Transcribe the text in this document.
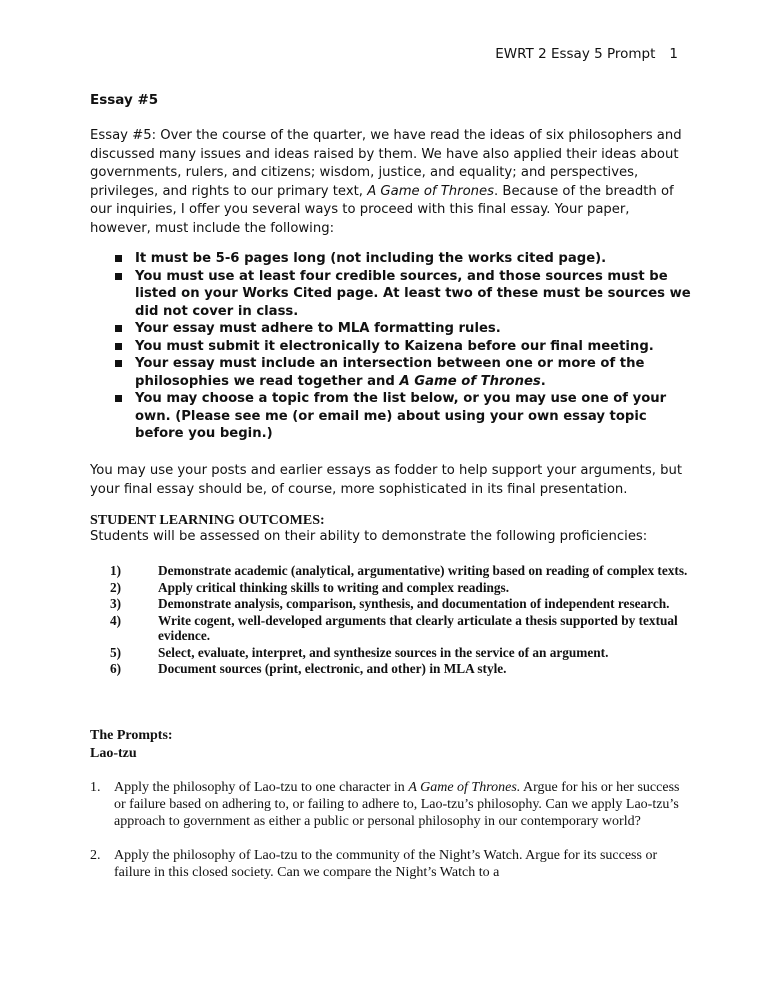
EWRT 2 Essay 5 Prompt 1
Essay #5
Essay #5: Over the course of the quarter, we have read the ideas of six philosophers and discussed many issues and ideas raised by them. We have also applied their ideas about governments, rulers, and citizens; wisdom, justice, and equality; and perspectives, privileges, and rights to our primary text, A Game of Thrones. Because of the breadth of our inquiries, I offer you several ways to proceed with this final essay. Your paper, however, must include the following:
It must be 5-6 pages long (not including the works cited page).
You must use at least four credible sources, and those sources must be listed on your Works Cited page. At least two of these must be sources we did not cover in class.
Your essay must adhere to MLA formatting rules.
You must submit it electronically to Kaizena before our final meeting.
Your essay must include an intersection between one or more of the philosophies we read together and A Game of Thrones.
You may choose a topic from the list below, or you may use one of your own. (Please see me (or email me) about using your own essay topic before you begin.)
You may use your posts and earlier essays as fodder to help support your arguments, but your final essay should be, of course, more sophisticated in its final presentation.
STUDENT LEARNING OUTCOMES:
Students will be assessed on their ability to demonstrate the following proficiencies:
1)	Demonstrate academic (analytical, argumentative) writing based on reading of complex texts.
2)	Apply critical thinking skills to writing and complex readings.
3)	Demonstrate analysis, comparison, synthesis, and documentation of independent research.
4)	Write cogent, well-developed arguments that clearly articulate a thesis supported by textual evidence.
5)	Select, evaluate, interpret, and synthesize sources in the service of an argument.
6)	Document sources (print, electronic, and other) in MLA style.
The Prompts:
Lao-tzu
1. Apply the philosophy of Lao-tzu to one character in A Game of Thrones. Argue for his or her success or failure based on adhering to, or failing to adhere to, Lao-tzu’s philosophy. Can we apply Lao-tzu’s approach to government as either a public or personal philosophy in our contemporary world?
2. Apply the philosophy of Lao-tzu to the community of the Night’s Watch. Argue for its success or failure in this closed society. Can we compare the Night’s Watch to a
